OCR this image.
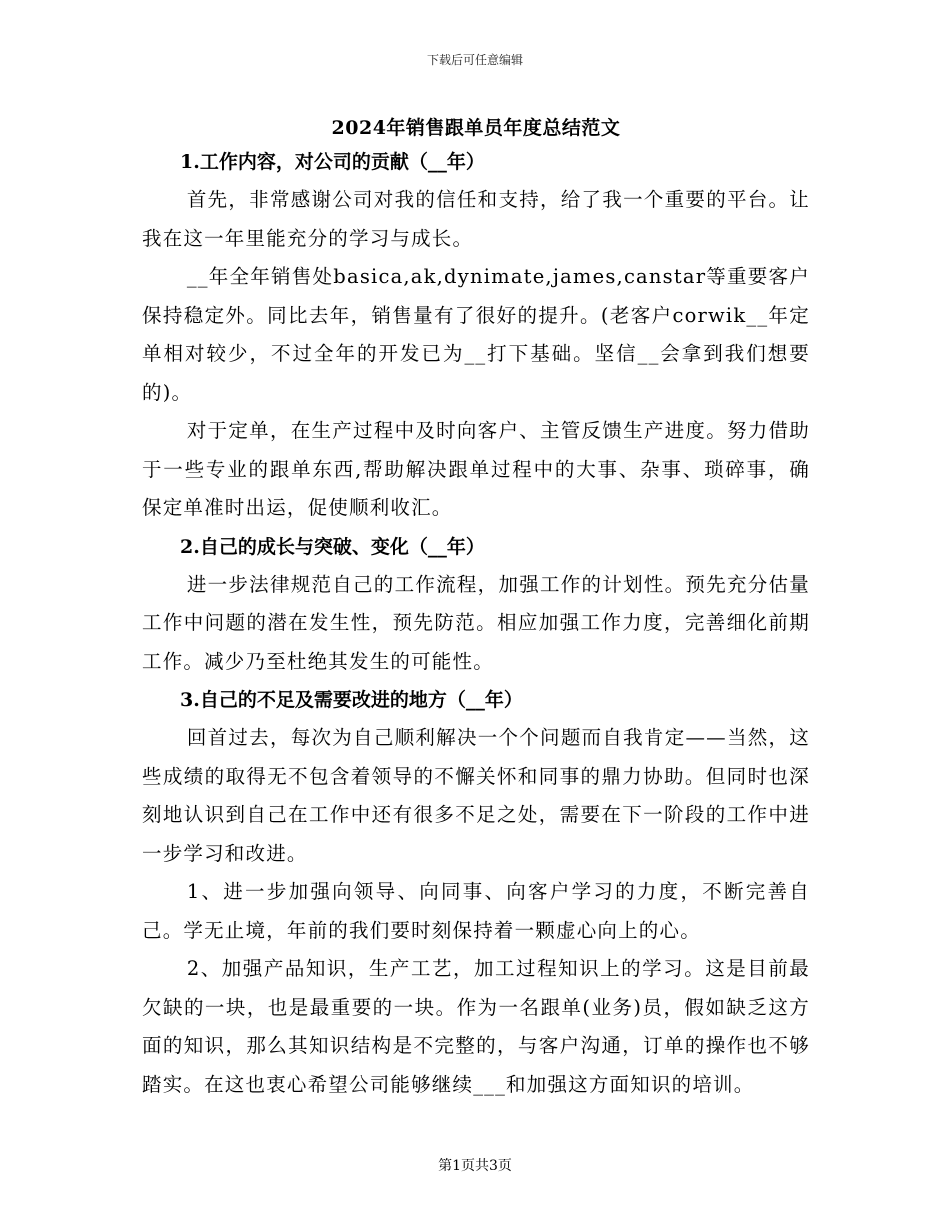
下载后可任意编辑
2024年销售跟单员年度总结范文
1.工作内容，对公司的贡献（__年）

首先，非常感谢公司对我的信任和支持，给了我一个重要的平台。让我在这一年里能充分的学习与成长。

__年全年销售处basica,ak,dynimate,james,canstar等重要客户保持稳定外。同比去年，销售量有了很好的提升。(老客户corwik__年定单相对较少，不过全年的开发已为__打下基础。坚信__会拿到我们想要的)。

对于定单，在生产过程中及时向客户、主管反馈生产进度。努力借助于一些专业的跟单东西,帮助解决跟单过程中的大事、杂事、琐碎事，确保定单准时出运，促使顺利收汇。

2.自己的成长与突破、变化（__年）

进一步法律规范自己的工作流程，加强工作的计划性。预先充分估量工作中问题的潜在发生性，预先防范。相应加强工作力度，完善细化前期工作。减少乃至杜绝其发生的可能性。

3.自己的不足及需要改进的地方（__年）

回首过去，每次为自己顺利解决一个个问题而自我肯定——当然，这些成绩的取得无不包含着领导的不懈关怀和同事的鼎力协助。但同时也深刻地认识到自己在工作中还有很多不足之处，需要在下一阶段的工作中进一步学习和改进。

1、进一步加强向领导、向同事、向客户学习的力度，不断完善自己。学无止境，年前的我们要时刻保持着一颗虚心向上的心。

2、加强产品知识，生产工艺，加工过程知识上的学习。这是目前最欠缺的一块，也是最重要的一块。作为一名跟单(业务)员，假如缺乏这方面的知识，那么其知识结构是不完整的，与客户沟通，订单的操作也不够踏实。在这也衷心希望公司能够继续___和加强这方面知识的培训。

第1页共3页
